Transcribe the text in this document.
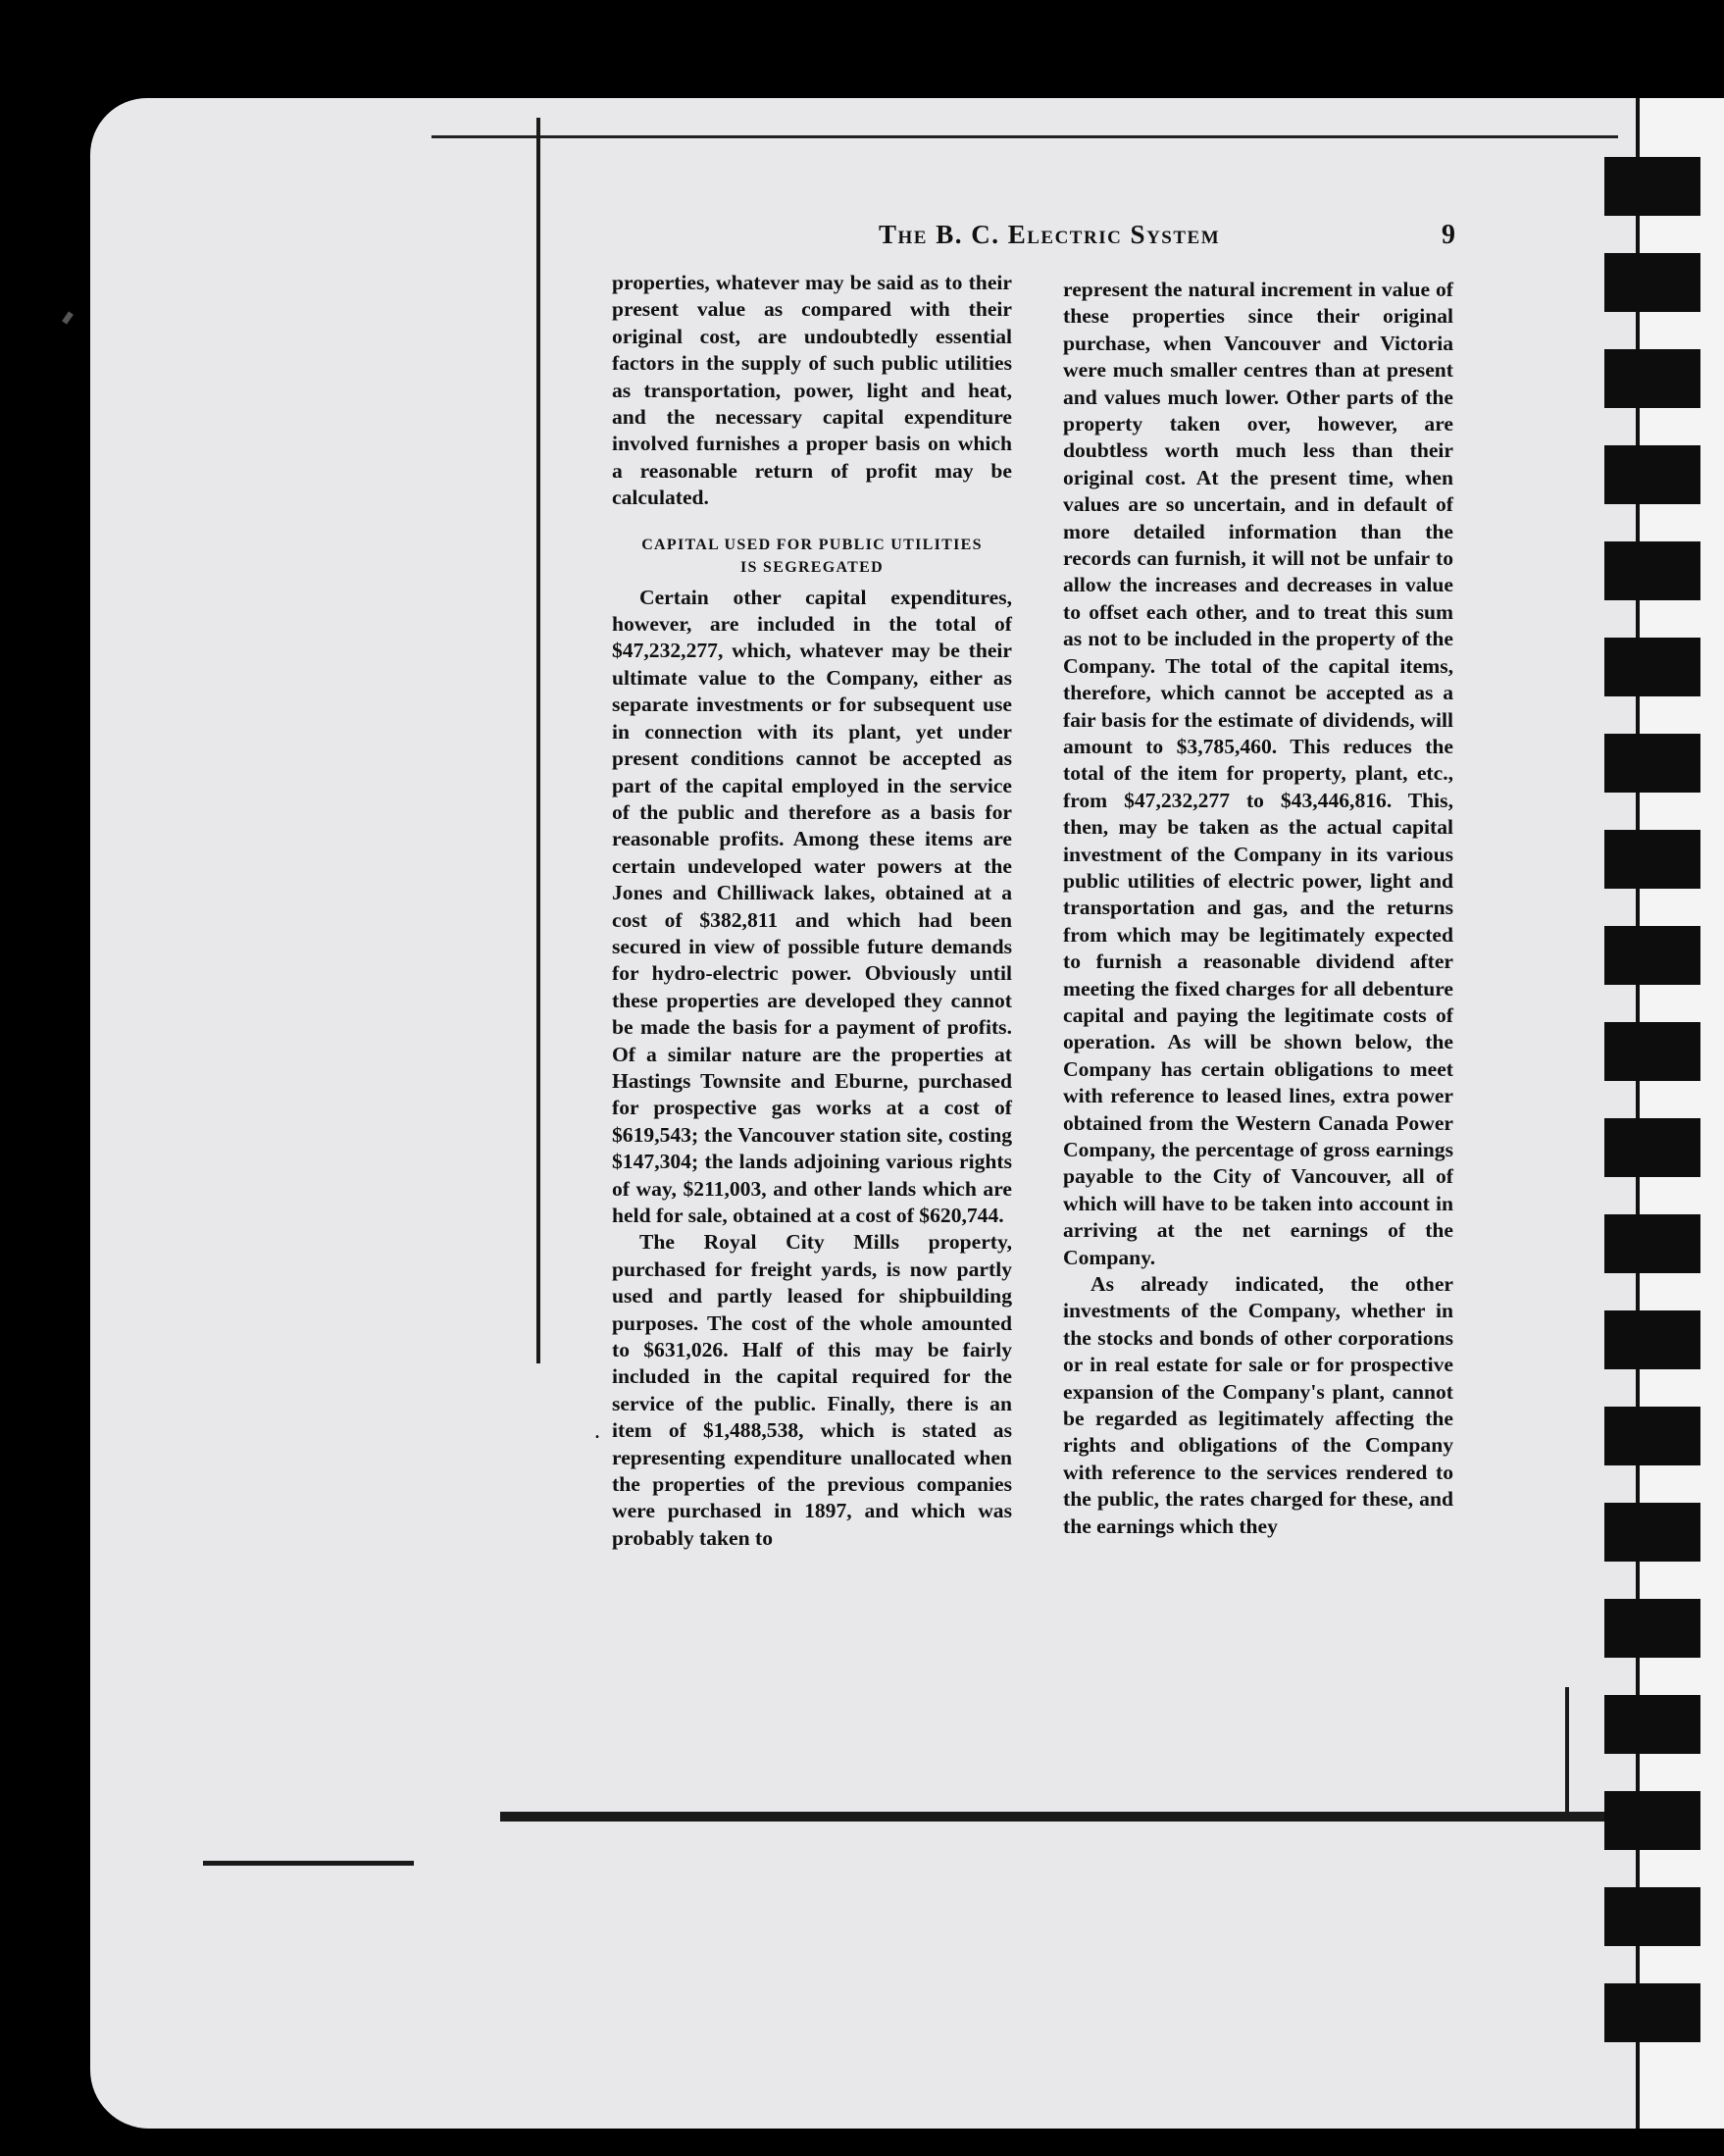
The B. C. Electric System	9

properties, whatever may be said as to their present value as compared with their original cost, are undoubtedly essential factors in the supply of such public utilities as transportation, power, light and heat, and the necessary capital expenditure involved furnishes a proper basis on which a reasonable return of profit may be calculated.

CAPITAL USED FOR PUBLIC UTILITIES
IS SEGREGATED

Certain other capital expenditures, however, are included in the total of $47,232,277, which, whatever may be their ultimate value to the Company, either as separate investments or for subsequent use in connection with its plant, yet under present conditions cannot be accepted as part of the capital employed in the service of the public and therefore as a basis for reasonable profits. Among these items are certain undeveloped water powers at the Jones and Chilliwack lakes, obtained at a cost of $382,811 and which had been secured in view of possible future demands for hydro-electric power. Obviously until these properties are developed they cannot be made the basis for a payment of profits. Of a similar nature are the properties at Hastings Townsite and Eburne, purchased for prospective gas works at a cost of $619,543; the Vancouver station site, costing $147,304; the lands adjoining various rights of way, $211,003, and other lands which are held for sale, obtained at a cost of $620,744.

The Royal City Mills property, purchased for freight yards, is now partly used and partly leased for shipbuilding purposes. The cost of the whole amounted to $631,026. Half of this may be fairly included in the capital required for the service of the public. Finally, there is an item of $1,488,538, which is stated as representing expenditure unallocated when the properties of the previous companies were purchased in 1897, and which was probably taken to

.

represent the natural increment in value of these properties since their original purchase, when Vancouver and Victoria were much smaller centres than at present and values much lower. Other parts of the property taken over, however, are doubtless worth much less than their original cost. At the present time, when values are so uncertain, and in default of more detailed information than the records can furnish, it will not be unfair to allow the increases and decreases in value to offset each other, and to treat this sum as not to be included in the property of the Company. The total of the capital items, therefore, which cannot be accepted as a fair basis for the estimate of dividends, will amount to $3,785,460. This reduces the total of the item for property, plant, etc., from $47,232,277 to $43,446,816. This, then, may be taken as the actual capital investment of the Company in its various public utilities of electric power, light and transportation and gas, and the returns from which may be legitimately expected to furnish a reasonable dividend after meeting the fixed charges for all debenture capital and paying the legitimate costs of operation. As will be shown below, the Company has certain obligations to meet with reference to leased lines, extra power obtained from the Western Canada Power Company, the percentage of gross earnings payable to the City of Vancouver, all of which will have to be taken into account in arriving at the net earnings of the Company.

As already indicated, the other investments of the Company, whether in the stocks and bonds of other corporations or in real estate for sale or for prospective expansion of the Company's plant, cannot be regarded as legitimately affecting the rights and obligations of the Company with reference to the services rendered to the public, the rates charged for these, and the earnings which they
